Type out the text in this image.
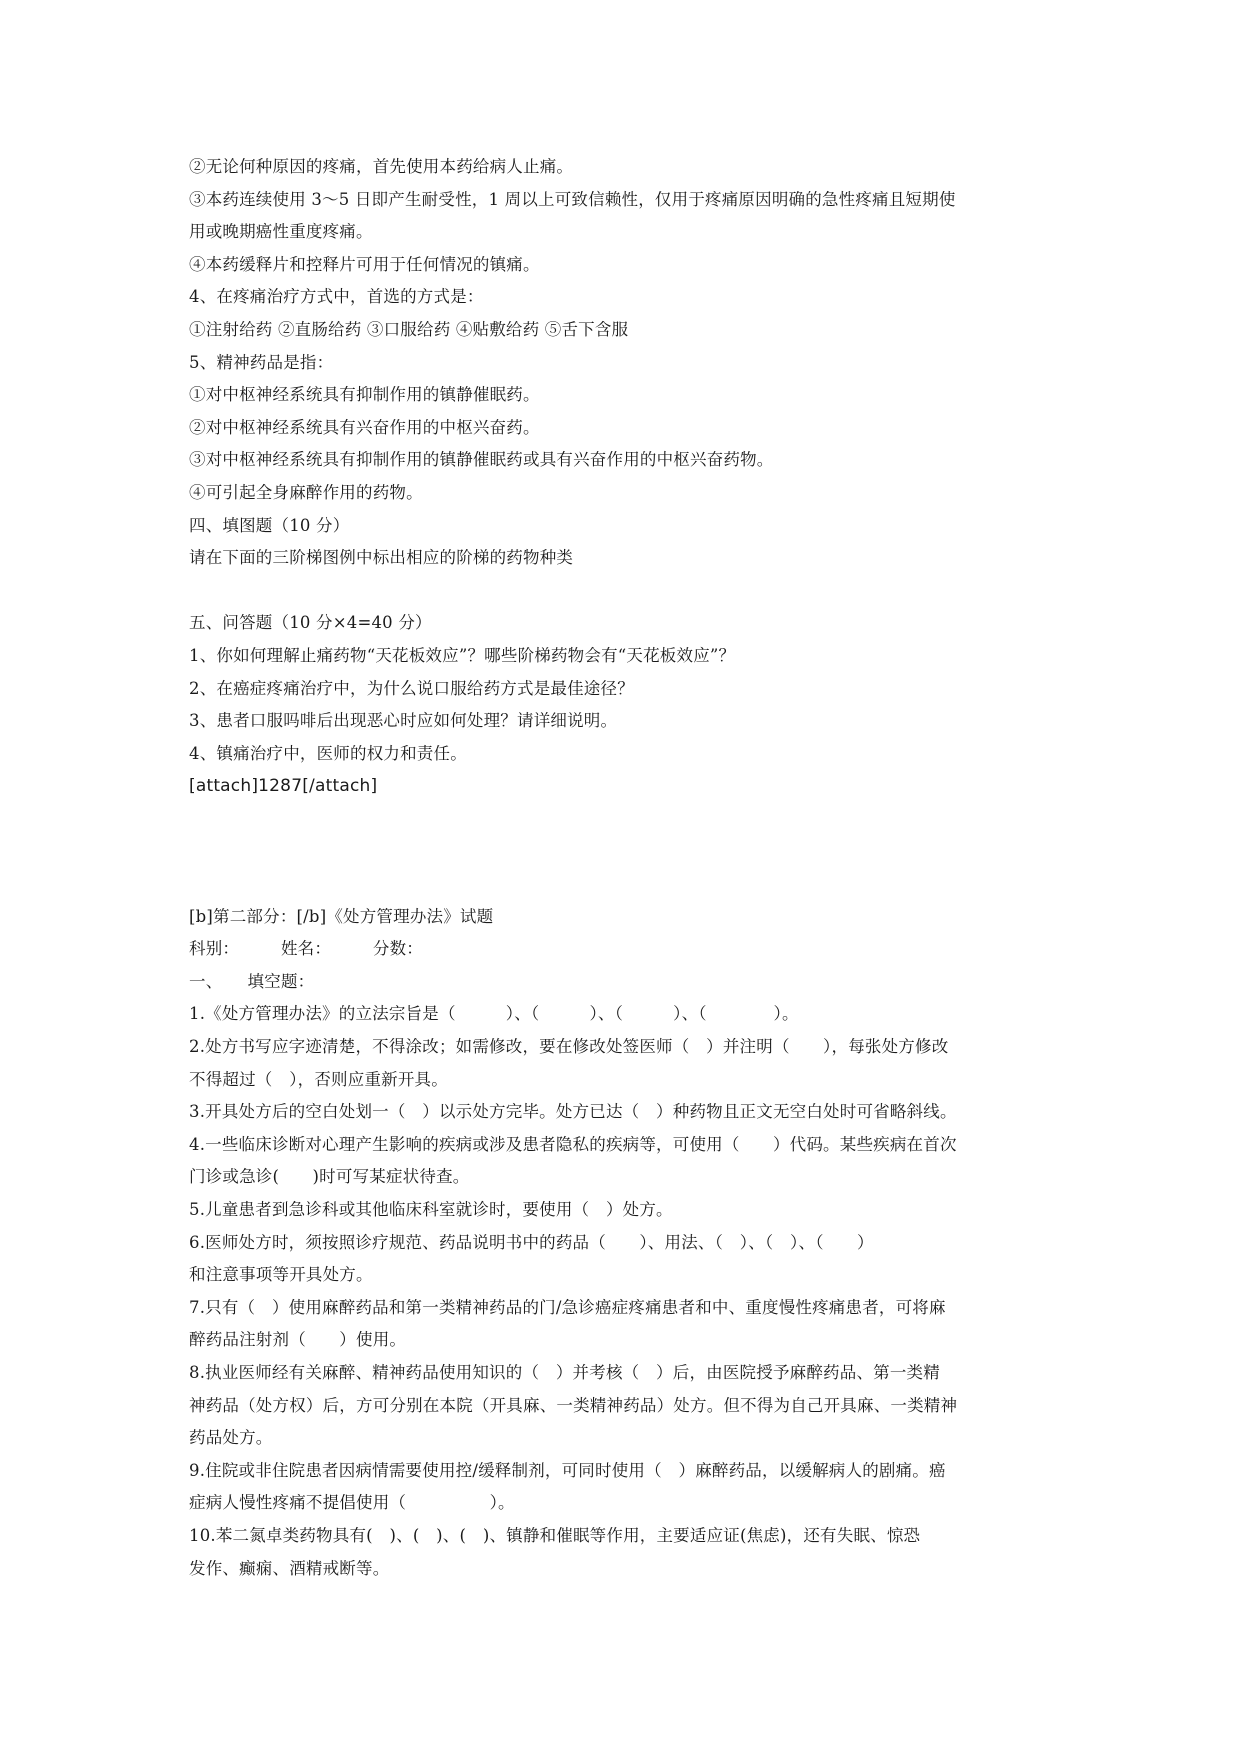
②无论何种原因的疼痛，首先使用本药给病人止痛。
③本药连续使用 3～5 日即产生耐受性，1 周以上可致信赖性，仅用于疼痛原因明确的急性疼痛且短期使
用或晚期癌性重度疼痛。
④本药缓释片和控释片可用于任何情况的镇痛。
4、在疼痛治疗方式中，首选的方式是：
①注射给药 ②直肠给药 ③口服给药 ④贴敷给药 ⑤舌下含服
5、精神药品是指：
①对中枢神经系统具有抑制作用的镇静催眠药。
②对中枢神经系统具有兴奋作用的中枢兴奋药。
③对中枢神经系统具有抑制作用的镇静催眠药或具有兴奋作用的中枢兴奋药物。
④可引起全身麻醉作用的药物。
四、填图题（10 分）
请在下面的三阶梯图例中标出相应的阶梯的药物种类
五、问答题（10 分×4=40 分）
1、你如何理解止痛药物“天花板效应”？哪些阶梯药物会有“天花板效应”？
2、在癌症疼痛治疗中，为什么说口服给药方式是最佳途径？
3、患者口服吗啡后出现恶心时应如何处理？请详细说明。
4、镇痛治疗中，医师的权力和责任。
[attach]1287[/attach]
[b]第二部分：[/b]《处方管理办法》试题
科别：　　　姓名：　　　分数：
一、　　填空题：
1.《处方管理办法》的立法宗旨是（　　　）、（　　　）、（　　　）、（　　　　）。
2.处方书写应字迹清楚，不得涂改；如需修改，要在修改处签医师（　）并注明（　　），每张处方修改
不得超过（　），否则应重新开具。
3.开具处方后的空白处划一（　）以示处方完毕。处方已达（　）种药物且正文无空白处时可省略斜线。
4.一些临床诊断对心理产生影响的疾病或涉及患者隐私的疾病等，可使用（　　）代码。某些疾病在首次
门诊或急诊(　　)时可写某症状待查。
5.儿童患者到急诊科或其他临床科室就诊时，要使用（　）处方。
6.医师处方时，须按照诊疗规范、药品说明书中的药品（　　）、用法、（　）、（　）、（　　）
和注意事项等开具处方。
7.只有（　）使用麻醉药品和第一类精神药品的门/急诊癌症疼痛患者和中、重度慢性疼痛患者，可将麻
醉药品注射剂（　　）使用。
8.执业医师经有关麻醉、精神药品使用知识的（　）并考核（　）后，由医院授予麻醉药品、第一类精
神药品（处方权）后，方可分别在本院（开具麻、一类精神药品）处方。但不得为自己开具麻、一类精神
药品处方。
9.住院或非住院患者因病情需要使用控/缓释制剂，可同时使用（　）麻醉药品，以缓解病人的剧痛。癌
症病人慢性疼痛不提倡使用（　　　　　）。
10.苯二氮卓类药物具有(　)、(　)、(　)、镇静和催眠等作用，主要适应证(焦虑)，还有失眠、惊恐
发作、癫痫、酒精戒断等。
